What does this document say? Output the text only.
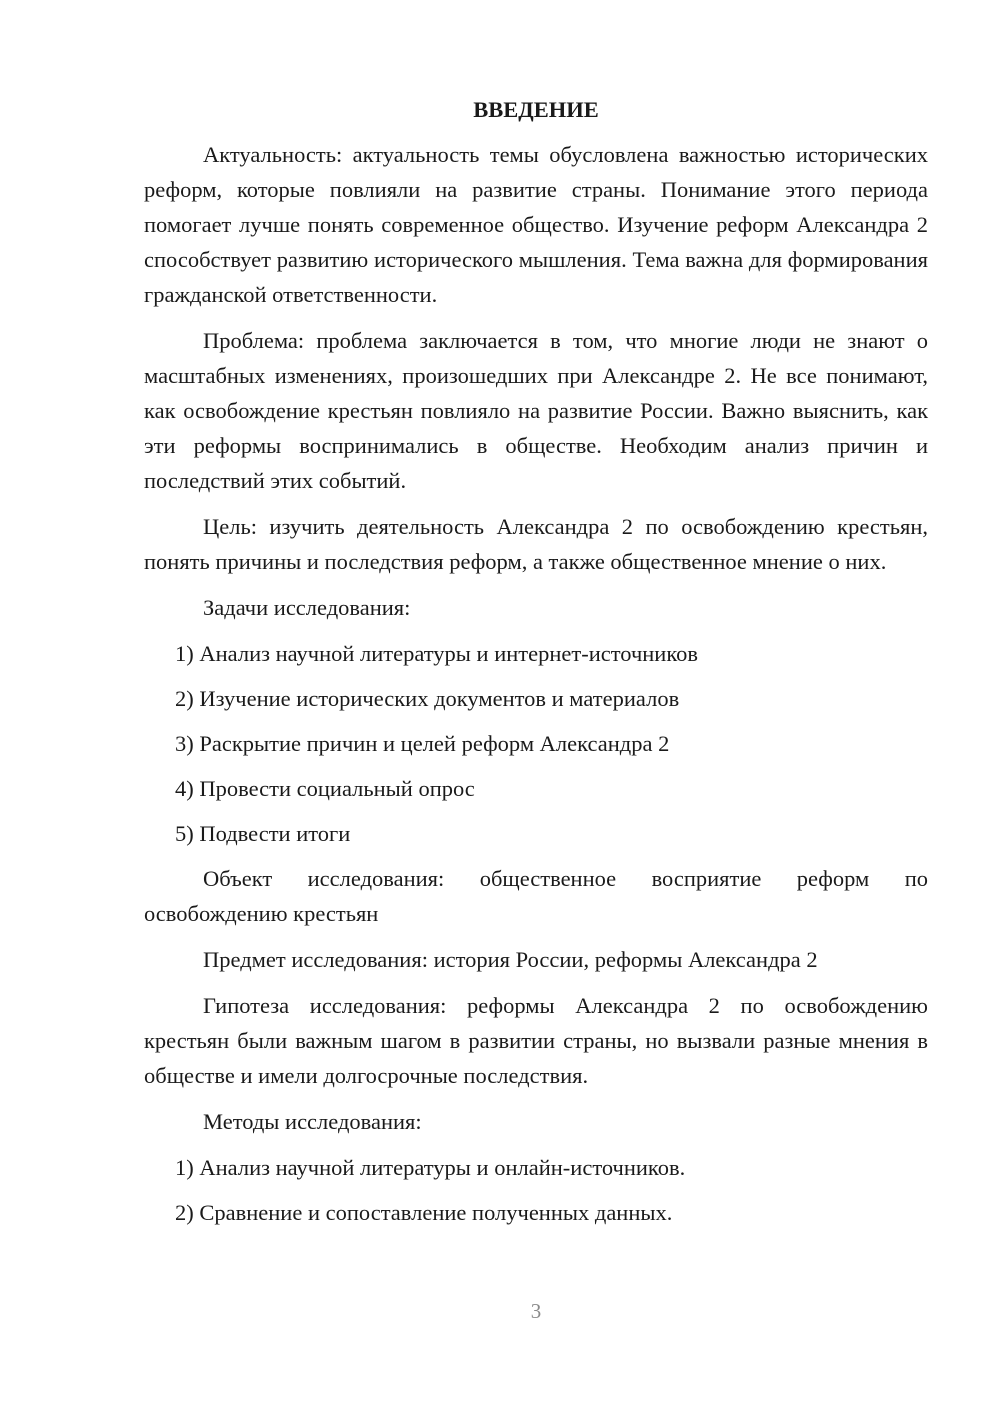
ВВЕДЕНИЕ

Актуальность: актуальность темы обусловлена важностью исторических реформ, которые повлияли на развитие страны. Понимание этого периода помогает лучше понять современное общество. Изучение реформ Александра 2 способствует развитию исторического мышления. Тема важна для формирования гражданской ответственности.

Проблема: проблема заключается в том, что многие люди не знают о масштабных изменениях, произошедших при Александре 2. Не все понимают, как освобождение крестьян повлияло на развитие России. Важно выяснить, как эти реформы воспринимались в обществе. Необходим анализ причин и последствий этих событий.

Цель: изучить деятельность Александра 2 по освобождению крестьян, понять причины и последствия реформ, а также общественное мнение о них.

Задачи исследования:

1) Анализ научной литературы и интернет-источников
2) Изучение исторических документов и материалов
3) Раскрытие причин и целей реформ Александра 2
4) Провести социальный опрос
5) Подвести итоги

Объект исследования: общественное восприятие реформ по освобождению крестьян

Предмет исследования: история России, реформы Александра 2

Гипотеза исследования: реформы Александра 2 по освобождению крестьян были важным шагом в развитии страны, но вызвали разные мнения в обществе и имели долгосрочные последствия.

Методы исследования:

1) Анализ научной литературы и онлайн-источников.
2) Сравнение и сопоставление полученных данных.
3
